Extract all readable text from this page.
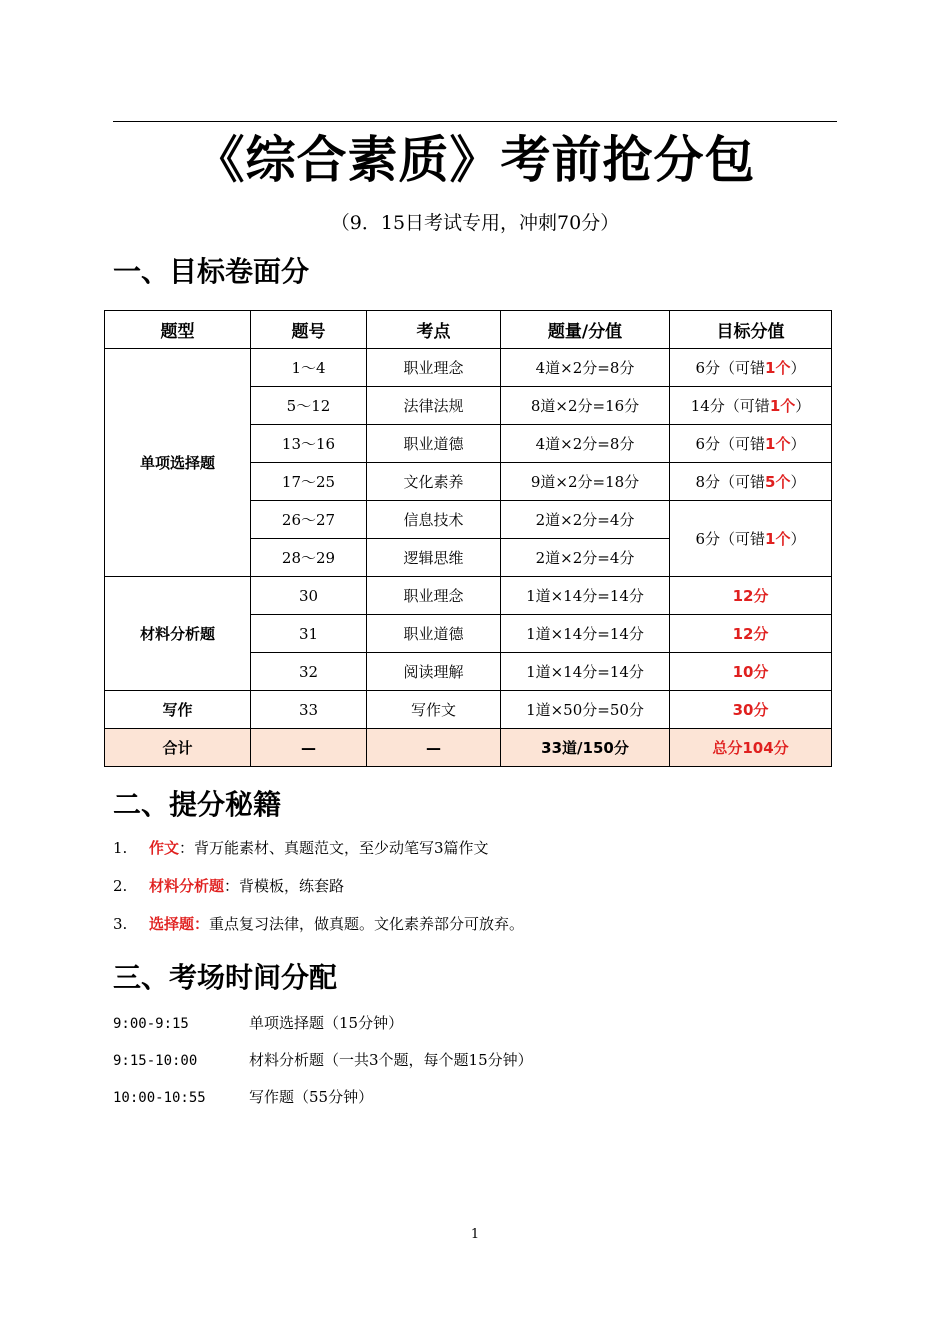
《综合素质》考前抢分包
（9．15日考试专用，冲刺70分）
一、目标卷面分
题型	题号	考点	题量/分值	目标分值
单项选择题	1～4	职业理念	4道×2分=8分	6分（可错1个）
	5～12	法律法规	8道×2分=16分	14分（可错1个）
	13～16	职业道德	4道×2分=8分	6分（可错1个）
	17～25	文化素养	9道×2分=18分	8分（可错5个）
	26～27	信息技术	2道×2分=4分	6分（可错1个）
	28～29	逻辑思维	2道×2分=4分	
材料分析题	30	职业理念	1道×14分=14分	12分
	31	职业道德	1道×14分=14分	12分
	32	阅读理解	1道×14分=14分	10分
写作	33	写作文	1道×50分=50分	30分
合计	—	—	33道/150分	总分104分
二、提分秘籍
1. 作文：背万能素材、真题范文，至少动笔写3篇作文
2. 材料分析题：背模板，练套路
3. 选择题：重点复习法律，做真题。文化素养部分可放弃。
三、考场时间分配
9:00-9:15	单项选择题（15分钟）
9:15-10:00	材料分析题（一共3个题，每个题15分钟）
10:00-10:55	写作题（55分钟）
1
